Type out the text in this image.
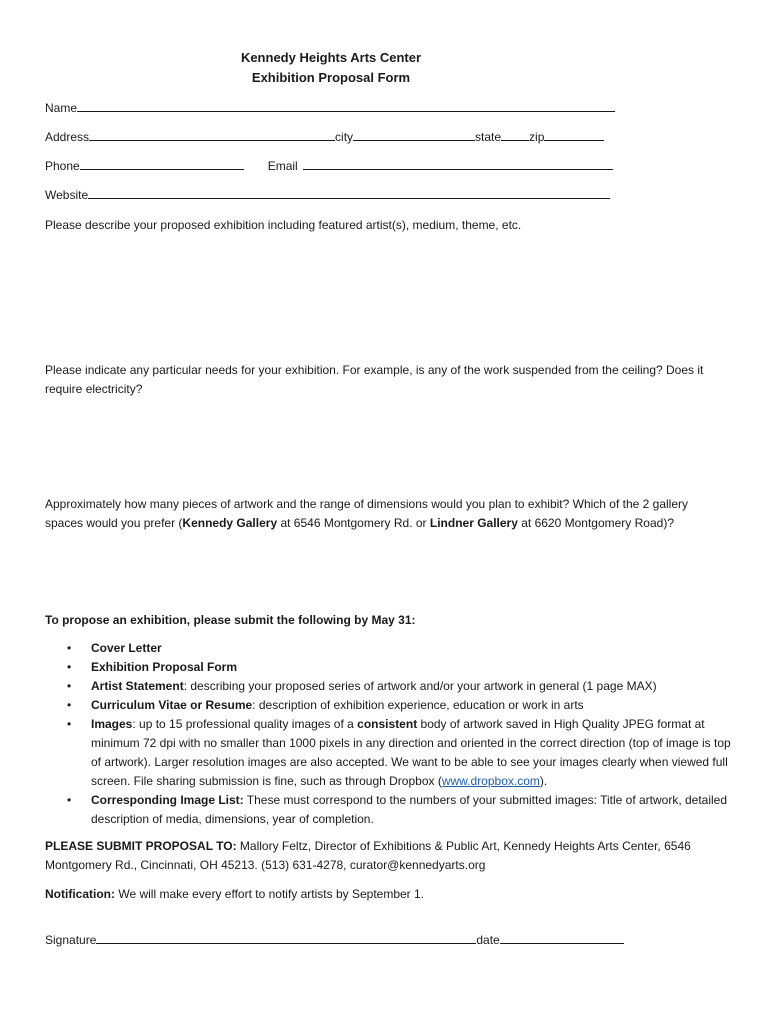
Kennedy Heights Arts Center
Exhibition Proposal Form
Name
Address	city	state zip
Phone	Email
Website
Please describe your proposed exhibition including featured artist(s), medium, theme, etc.
Please indicate any particular needs for your exhibition. For example, is any of the work suspended from the ceiling? Does it require electricity?
Approximately how many pieces of artwork and the range of dimensions would you plan to exhibit? Which of the 2 gallery spaces would you prefer (Kennedy Gallery at 6546 Montgomery Rd. or Lindner Gallery at 6620 Montgomery Road)?
To propose an exhibition, please submit the following by May 31:
• Cover Letter
• Exhibition Proposal Form
• Artist Statement: describing your proposed series of artwork and/or your artwork in general (1 page MAX)
• Curriculum Vitae or Resume: description of exhibition experience, education or work in arts
• Images: up to 15 professional quality images of a consistent body of artwork saved in High Quality JPEG format at minimum 72 dpi with no smaller than 1000 pixels in any direction and oriented in the correct direction (top of image is top of artwork). Larger resolution images are also accepted. We want to be able to see your images clearly when viewed full screen. File sharing submission is fine, such as through Dropbox (www.dropbox.com).
• Corresponding Image List: These must correspond to the numbers of your submitted images: Title of artwork, detailed description of media, dimensions, year of completion.
PLEASE SUBMIT PROPOSAL TO: Mallory Feltz, Director of Exhibitions & Public Art, Kennedy Heights Arts Center, 6546 Montgomery Rd., Cincinnati, OH 45213. (513) 631-4278, curator@kennedyarts.org
Notification: We will make every effort to notify artists by September 1.
Signature	date
